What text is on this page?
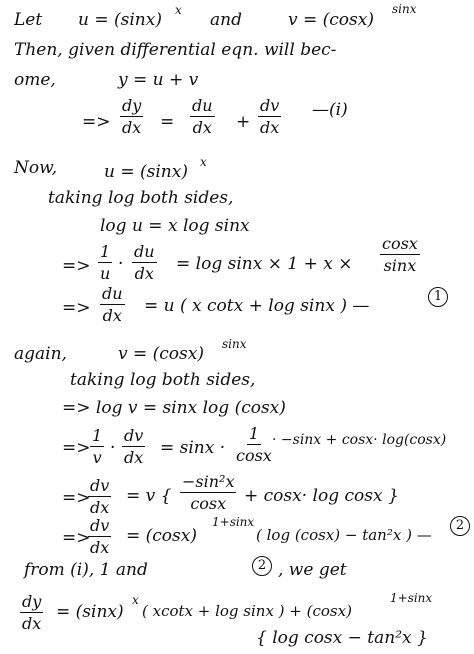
Let u = (sinx) x and	v = (cosx)
sinx
Then, given differential eqn. will bec-
ome,	y = u + v
=> $\frac{dy}{dx} = \frac{du}{dx} + \frac{dv}{dx}$ —(i)
Now,	u = (sinx) x
taking log both sides,
log u = x log sinx
=> $\frac{1}{u} \cdot \frac{du}{dx} = \log \sin x \times 1 + x \times \frac{\cos x}{\sin x}$
=> $\frac{du}{dx} = u$ ( x cotx + log sinx ) —	1
again,	v = (cosx) sinx
taking log both sides,
=> log v = sinx log (cosx)
=> $\frac{1}{v} \cdot \frac{dv}{dx} = \sin x \cdot \frac{1}{\cos x} \cdot -\sin x + \cos x\cdot \log(\cos x)$
=>
$\frac{dv}{dx} = v$ { $\frac{\text{−sin²x}}{\cos x} + \cos x\cdot \log \cos x$ }
=>
$\frac{dv}{dx} = (\cos x)$
1+sinx
( log (cosx) − tan²x ) —
2
from (i), 1 and	2 , we get
$\frac{dy}{dx} = (\sin x)$
x
( xcotx + log sinx ) + (cosx)
1+sinx
{ log cosx − tan²x }
